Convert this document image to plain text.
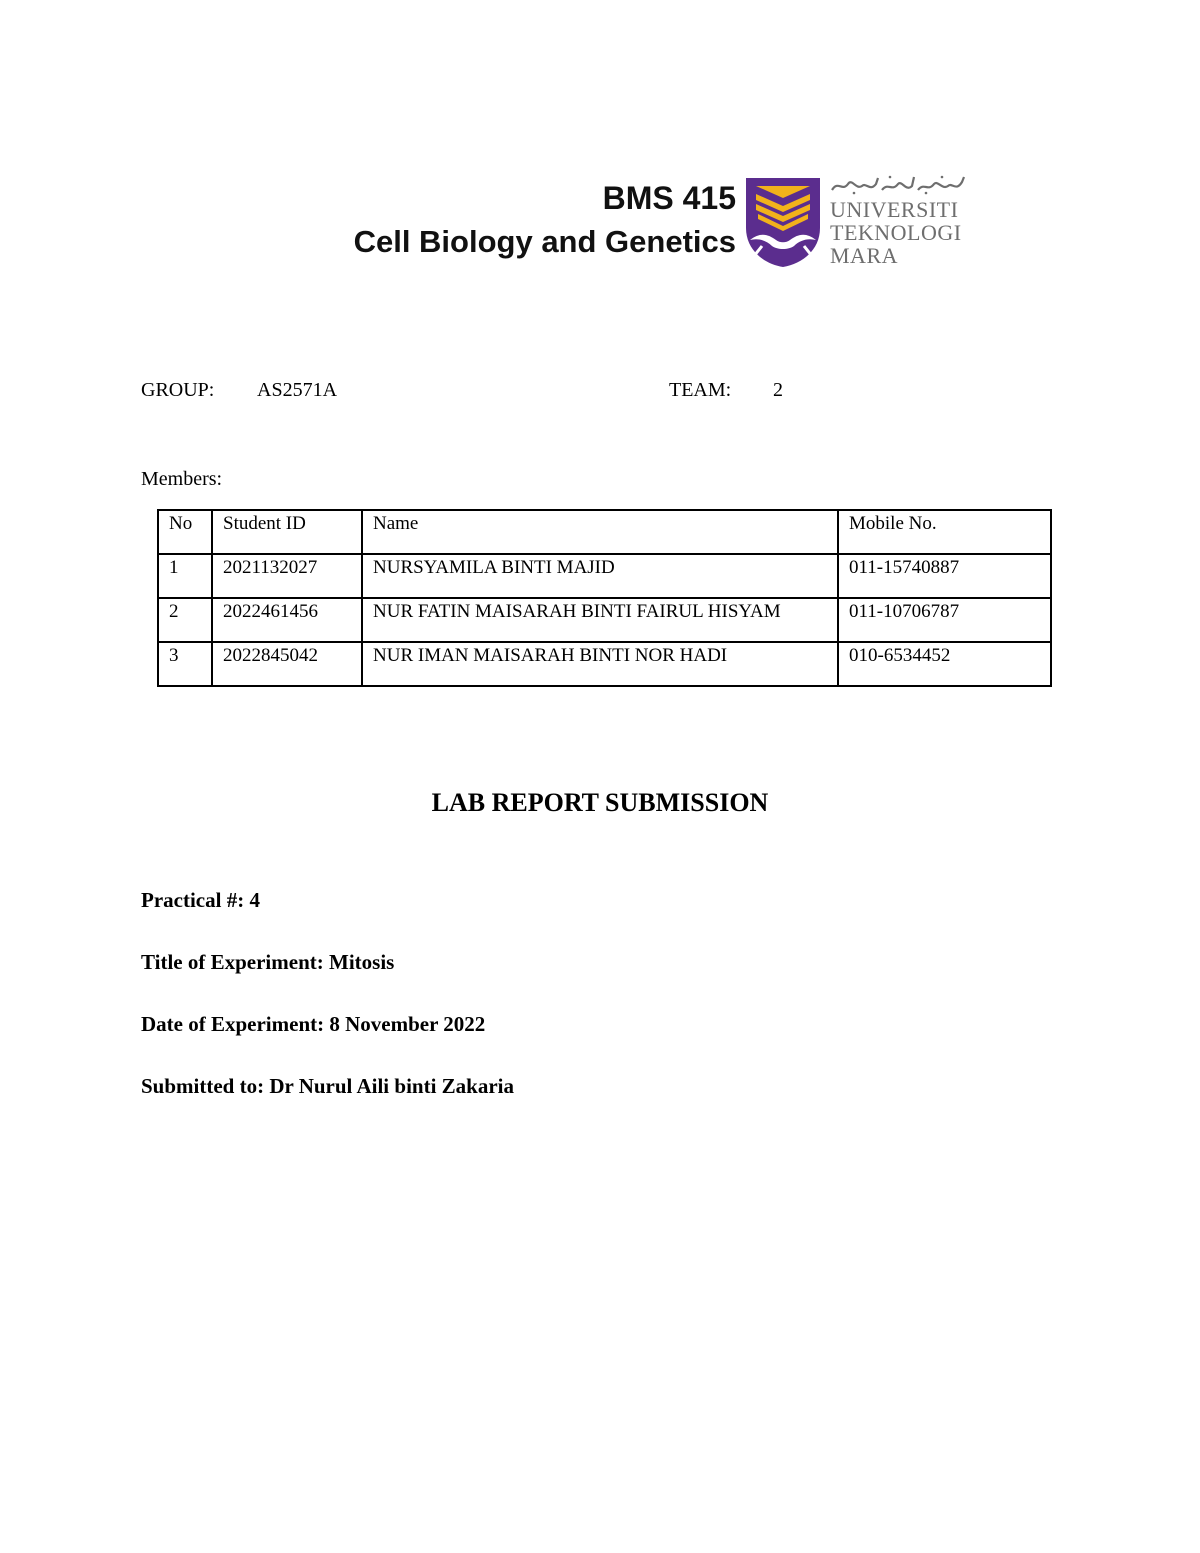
BMS 415
Cell Biology and Genetics
UNIVERSITI
TEKNOLOGI
MARA
GROUP: AS2571A	TEAM: 2
Members:
No	Student ID	Name	Mobile No.
1	2021132027	NURSYAMILA BINTI MAJID	011-15740887
2	2022461456	NUR FATIN MAISARAH BINTI FAIRUL HISYAM	011-10706787
3	2022845042	NUR IMAN MAISARAH BINTI NOR HADI	010-6534452
LAB REPORT SUBMISSION
Practical #: 4
Title of Experiment: Mitosis
Date of Experiment: 8 November 2022
Submitted to: Dr Nurul Aili binti Zakaria
